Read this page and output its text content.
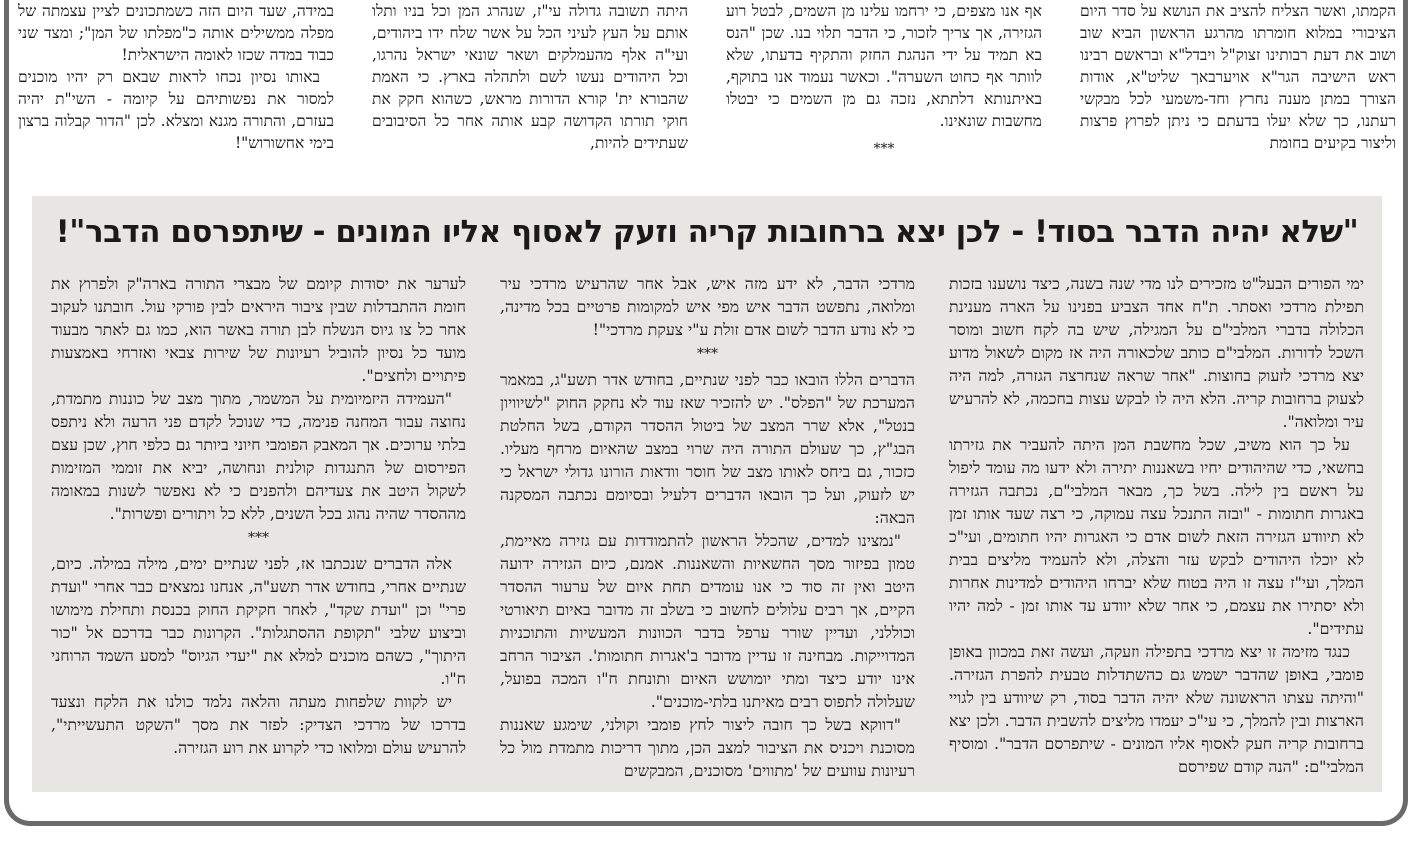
הקמתו, ואשר הצליח להציב את הנושא על סדר היום הציבורי במלוא חומרתו מהרגע הראשון הביא שוב ושוב את דעת רבותינו זצוק"ל ויבדל"א ובראשם רבינו ראש הישיבה הגר"א אויערבאך שליט"א, אודות הצורך במתן מענה נחרץ וחד-משמעי לכל מבקשי רעתנו, כך שלא יעלו בדעתם כי ניתן לפרוץ פרצות וליצור בקיעים בחומת

אף אנו מצפים, כי ירחמו עלינו מן השמים, לבטל רוע הגזירה, אך צריך לזכור, כי הדבר תלוי בנו. שכן "הנס בא תמיד על ידי הנהגת החזק והתקיף בדעתו, שלא לוותר אף כחוט השערה". וכאשר נעמוד אנו בתוקף, באיתנותא דלתתא, נזכה גם מן השמים כי יבטלו מחשבות שונאינו.

***

היתה תשובה גדולה עי"ז, שנהרג המן וכל בניו ותלו אותם על העץ לעיני הכל על אשר שלח ידו ביהודים, ועי"ה אלף מהעמלקים ושאר שונאי ישראל נהרגו, וכל היהודים נעשו לשם ולתהלה בארץ. כי האמת שהבורא ית' קורא הדורות מראש, כשהוא חקק את חוקי תורתו הקדושה קבע אותה אחר כל הסיבובים שעתידים להיות,

במידה, שעד היום הזה כשמתכונים לציין עצמתה של מפלה ממשילים אותה כ"מפלתו של המן"; ומצד שני כבוד במדה שכזו לאומה הישראלית!

באותו נסיון נכחו לראות שבאם רק יהיו מוכנים למסור את נפשותיהם על קיומה - השי"ת יהיה בעזרם, והתורה מגנא ומצלא. לכן "הדור קבלוה ברצון בימי אחשורוש"!

"שלא יהיה הדבר בסוד! - לכן יצא ברחובות קריה וזעק לאסוף אליו המונים - שיתפרסם הדבר"!

ימי הפורים הבעל"ט מזכירים לנו מדי שנה בשנה, כיצד נושענו בזכות תפילת מרדכי ואסתר. ת"ח אחד הצביע בפנינו על הארה מענינת הכלולה בדברי המלבי"ם על המגילה, שיש בה לקח חשוב ומוסר השכל לדורות. המלבי"ם כותב שלכאורה היה אז מקום לשאול מדוע יצא מרדכי לזעוק בחוצות. "אחר שראה שנחרצה הגזרה, למה היה לצעוק ברחובות קריה. הלא היה לו לבקש עצות בחכמה, לא להרעיש עיר ומלואה".

על כך הוא משיב, שכל מחשבת המן היתה להעביר את גזירתו בחשאי, כדי שהיהודים יחיו בשאננות יתירה ולא ידעו מה עומד ליפול על ראשם בין לילה. בשל כך, מבאר המלבי"ם, נכתבה הגזירה באגרות חתומות - "ובזה התנכל עצה עמוקה, כי רצה שעד אותו זמן לא תיוודע הגזירה הזאת לשום אדם כי האגרות יהיו חתומים, ועי"כ לא יוכלו היהודים לבקש עזר והצלה, ולא להעמיד מליצים בבית המלך, ועי"ז עצה זו היה בטוח שלא יברחו היהודים למדינות אחרות ולא יסתירו את עצמם, כי אחר שלא יוודע עד אותו זמן - למה יהיו עתידים".

כנגד מזימה זו יצא מרדכי בתפילה וזעקה, ועשה זאת במכוון באופן פומבי, באופן שהדבר ישמש גם כהשתדלות טבעית להפרת הגזירה. "והיתה עצתו הראשונה שלא יהיה הדבר בסוד, רק שיוודע בין לגויי הארצות ובין להמלך, כי עי"כ יעמדו מליצים להשבית הדבר. ולכן יצא ברחובות קריה חעק לאסוף אליו המונים - שיתפרסם הדבר". ומוסיף המלבי"ם: "הנה קודם שפירסם

מרדכי הדבר, לא ידע מזה איש, אבל אחר שהרעיש מרדכי עיר ומלואה, נתפשט הדבר איש מפי איש למקומות פרטיים בכל מדינה, כי לא נודע הדבר לשום אדם זולת ע"י צעקת מרדכי"!

***

הדברים הללו הובאו כבר לפני שנתיים, בחודש אדר תשע"ג, במאמר המערכת של "הפלס". יש להזכיר שאז עוד לא נחקק החוק "לשיוויון בנטל", אלא שרר המצב של ביטול ההסדר הקודם, בשל החלטת הבג"ץ, כך שעולם התורה היה שרוי במצב שהאיום מרחף מעליו. כזכור, גם ביחס לאותו מצב של חוסר וודאות הורונו גדולי ישראל כי יש לזעוק, ועל כך הובאו הדברים דלעיל ובסיומם נכתבה המסקנה הבאה:

"נמצינו למדים, שהכלל הראשון להתמודדות עם גזירה מאיימת, טמון בפיזור מסך החשאיות והשאננות. אמנם, כיום הגזירה ידועה היטב ואין זה סוד כי אנו עומדים תחת איום של ערעור ההסדר הקיים, אך רבים עלולים לחשוב כי בשלב זה מדובר באיום תיאורטי וכוללני, ועדיין שורר ערפל בדבר הכוונות המעשיות והתוכניות המדוייקות. מבחינה זו עדיין מדובר ב'אגרות חתומות'. הציבור הרחב אינו יודע כיצד ומתי יומושש האיום ותונחת ח"ו המכה בפועל, שעלולה לתפוס רבים מאיתנו בלתי-מוכנים".

"דווקא בשל כך חובה ליצור לחץ פומבי וקולני, שימגע שאננות מסוכנת ויכניס את הציבור למצב הכן, מתוך דריכות מתמדת מול כל רעיונות עוועים של 'מתווים' מסוכנים, המבקשים

לערער את יסודות קיומם של מבצרי התורה בארה"ק ולפרוץ את חומת ההתבדלות שבין ציבור היראים לבין פורקי עול. חובתנו לעקוב אחר כל צו גיוס הנשלח לבן תורה באשר הוא, כמו גם לאתר מבעוד מועד כל נסיון להוביל רעיונות של שירות צבאי ואזרחי באמצעות פיתויים ולחצים".

"העמידה היזמיומית על המשמר, מתוך מצב של כוננות מתמדת, נחוצה עבור המחנה פנימה, כדי שנוכל לקדם פני הרעה ולא ניתפס בלתי ערוכים. אך המאבק הפומבי חיוני ביותר גם כלפי חוץ, שכן עצם הפירסום של התנגדות קולנית ונחושה, יביא את זוממי המזימות לשקול היטב את צעדיהם ולהפנים כי לא נאפשר לשנות במאומה מההסדר שהיה נהוג בכל השנים, ללא כל ויתורים ופשרות".

***

אלה הדברים שנכתבו אז, לפני שנתיים ימים, מילה במילה. כיום, שנתיים אחרי, בחודש אדר תשע"ה, אנחנו נמצאים כבר אחרי "ועדת פרי" וכן "ועדת שקד", לאחר חקיקת החוק בכנסת ותחילת מימושו וביצוע שלבי "תקופת ההסתגלות". הקרונות כבר בדרכם אל "כור היתוך", כשהם מוכנים למלא את "יעדי הגיוס" למסע השמד הרוחני ח"ו.

יש לקוות שלפחות מעתה והלאה נלמד כולנו את הלקח ונצעד בדרכו של מרדכי הצדיק: לפזר את מסך "השקט התעשייתי", להרעיש עולם ומלואו כדי לקרוע את רוע הגזירה.
